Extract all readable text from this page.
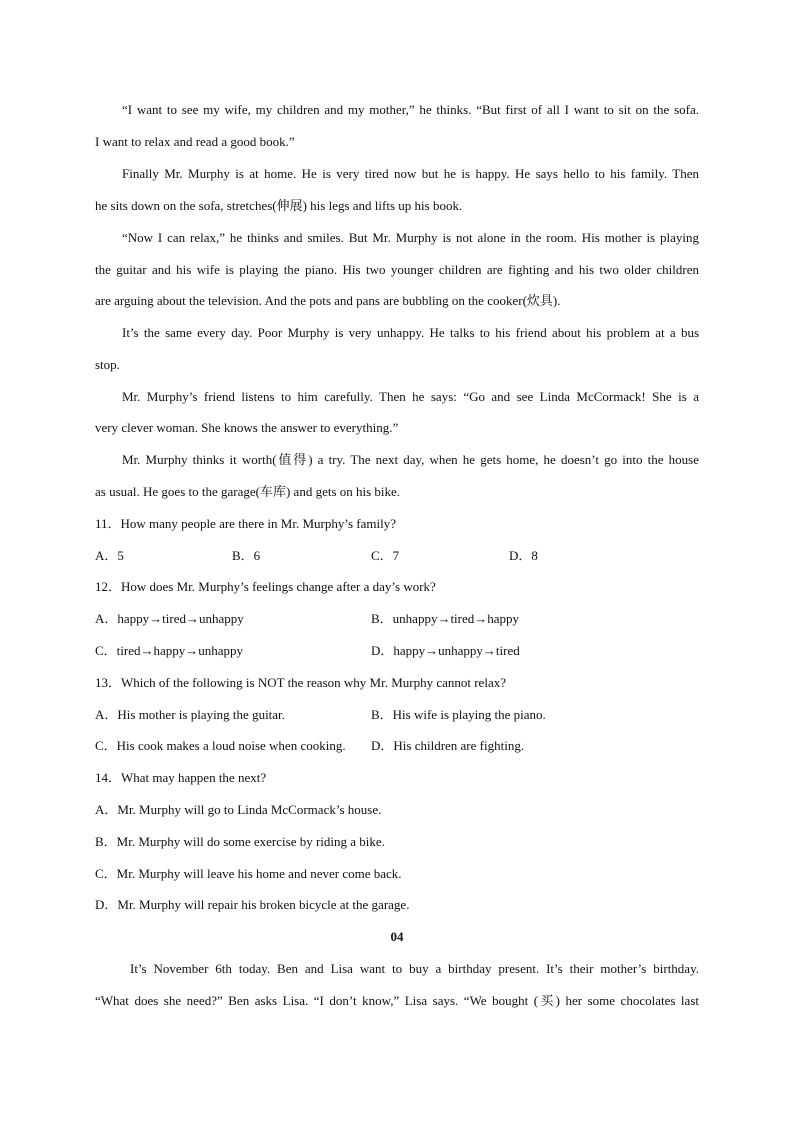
“I want to see my wife, my children and my mother,” he thinks. “But first of all I want to sit on the sofa.
I want to relax and read a good book.”
Finally Mr. Murphy is at home. He is very tired now but he is happy. He says hello to his family. Then
he sits down on the sofa, stretches(伸展) his legs and lifts up his book.
“Now I can relax,” he thinks and smiles. But Mr. Murphy is not alone in the room. His mother is playing
the guitar and his wife is playing the piano. His two younger children are fighting and his two older children
are arguing about the television. And the pots and pans are bubbling on the cooker(炊具).
It’s the same every day. Poor Murphy is very unhappy. He talks to his friend about his problem at a bus
stop.
Mr. Murphy’s friend listens to him carefully. Then he says: “Go and see Linda McCormack! She is a
very clever woman. She knows the answer to everything.”
Mr. Murphy thinks it worth(值得) a try. The next day, when he gets home, he doesn’t go into the house
as usual. He goes to the garage(车库) and gets on his bike.
11．How many people are there in Mr. Murphy’s family?
A．5	B．6	C．7	D．8
12．How does Mr. Murphy’s feelings change after a day’s work?
A．happy→tired→unhappy	B．unhappy→tired→happy
C．tired→happy→unhappy	D．happy→unhappy→tired
13．Which of the following is NOT the reason why Mr. Murphy cannot relax?
A．His mother is playing the guitar.	B．His wife is playing the piano.
C．His cook makes a loud noise when cooking. D．His children are fighting.
14．What may happen the next?
A．Mr. Murphy will go to Linda McCormack’s house.
B．Mr. Murphy will do some exercise by riding a bike.
C．Mr. Murphy will leave his home and never come back.
D．Mr. Murphy will repair his broken bicycle at the garage.
04
It’s November 6th today. Ben and Lisa want to buy a birthday present. It’s their mother’s birthday.
“What does she need?” Ben asks Lisa. “I don’t know,” Lisa says. “We bought (买) her some chocolates last
